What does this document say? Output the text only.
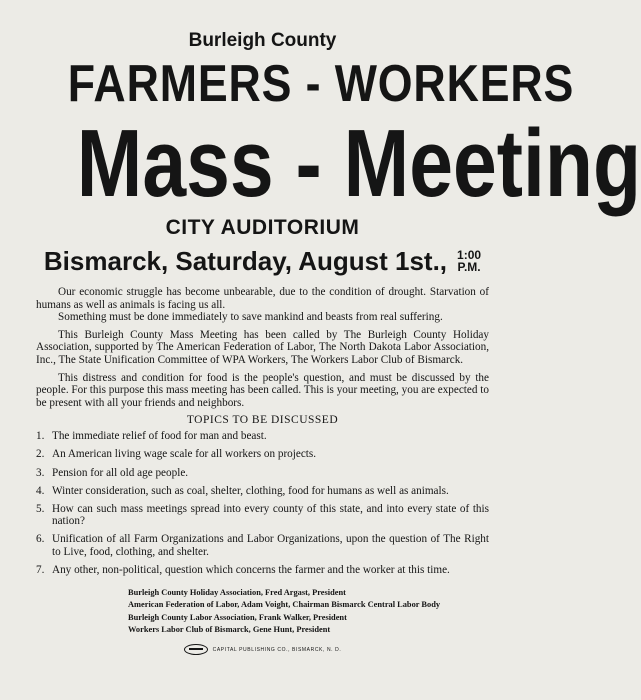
Burleigh County
FARMERS - WORKERS
Mass - Meeting
CITY AUDITORIUM
Bismarck, Saturday, August 1st., 1:00
P.M.

Our economic struggle has become unbearable, due to the condition of drought. Starvation of humans as well as animals is facing us all.

Something must be done immediately to save mankind and beasts from real suffering.

This Burleigh County Mass Meeting has been called by The Burleigh County Holiday Association, supported by The American Federation of Labor, The North Dakota Labor Association, Inc., The State Unification Committee of WPA Workers, The Workers Labor Club of Bismarck.

This distress and condition for food is the people's question, and must be discussed by the people. For this purpose this mass meeting has been called. This is your meeting, you are expected to be present with all your friends and neighbors.

TOPICS TO BE DISCUSSED
1. The immediate relief of food for man and beast.
2. An American living wage scale for all workers on projects.
3. Pension for all old age people.
4. Winter consideration, such as coal, shelter, clothing, food for humans as well as animals.
5. How can such mass meetings spread into every county of this state, and into every state of this nation?
6. Unification of all Farm Organizations and Labor Organizations, upon the question of The Right to Live, food, clothing, and shelter.
7. Any other, non-political, question which concerns the farmer and the worker at this time.
Burleigh County Holiday Association, Fred Argast, President
American Federation of Labor, Adam Voight, Chairman Bismarck Central Labor Body
Burleigh County Labor Association, Frank Walker, President
Workers Labor Club of Bismarck, Gene Hunt, President
CAPITAL PUBLISHING CO., BISMARCK, N. D.
